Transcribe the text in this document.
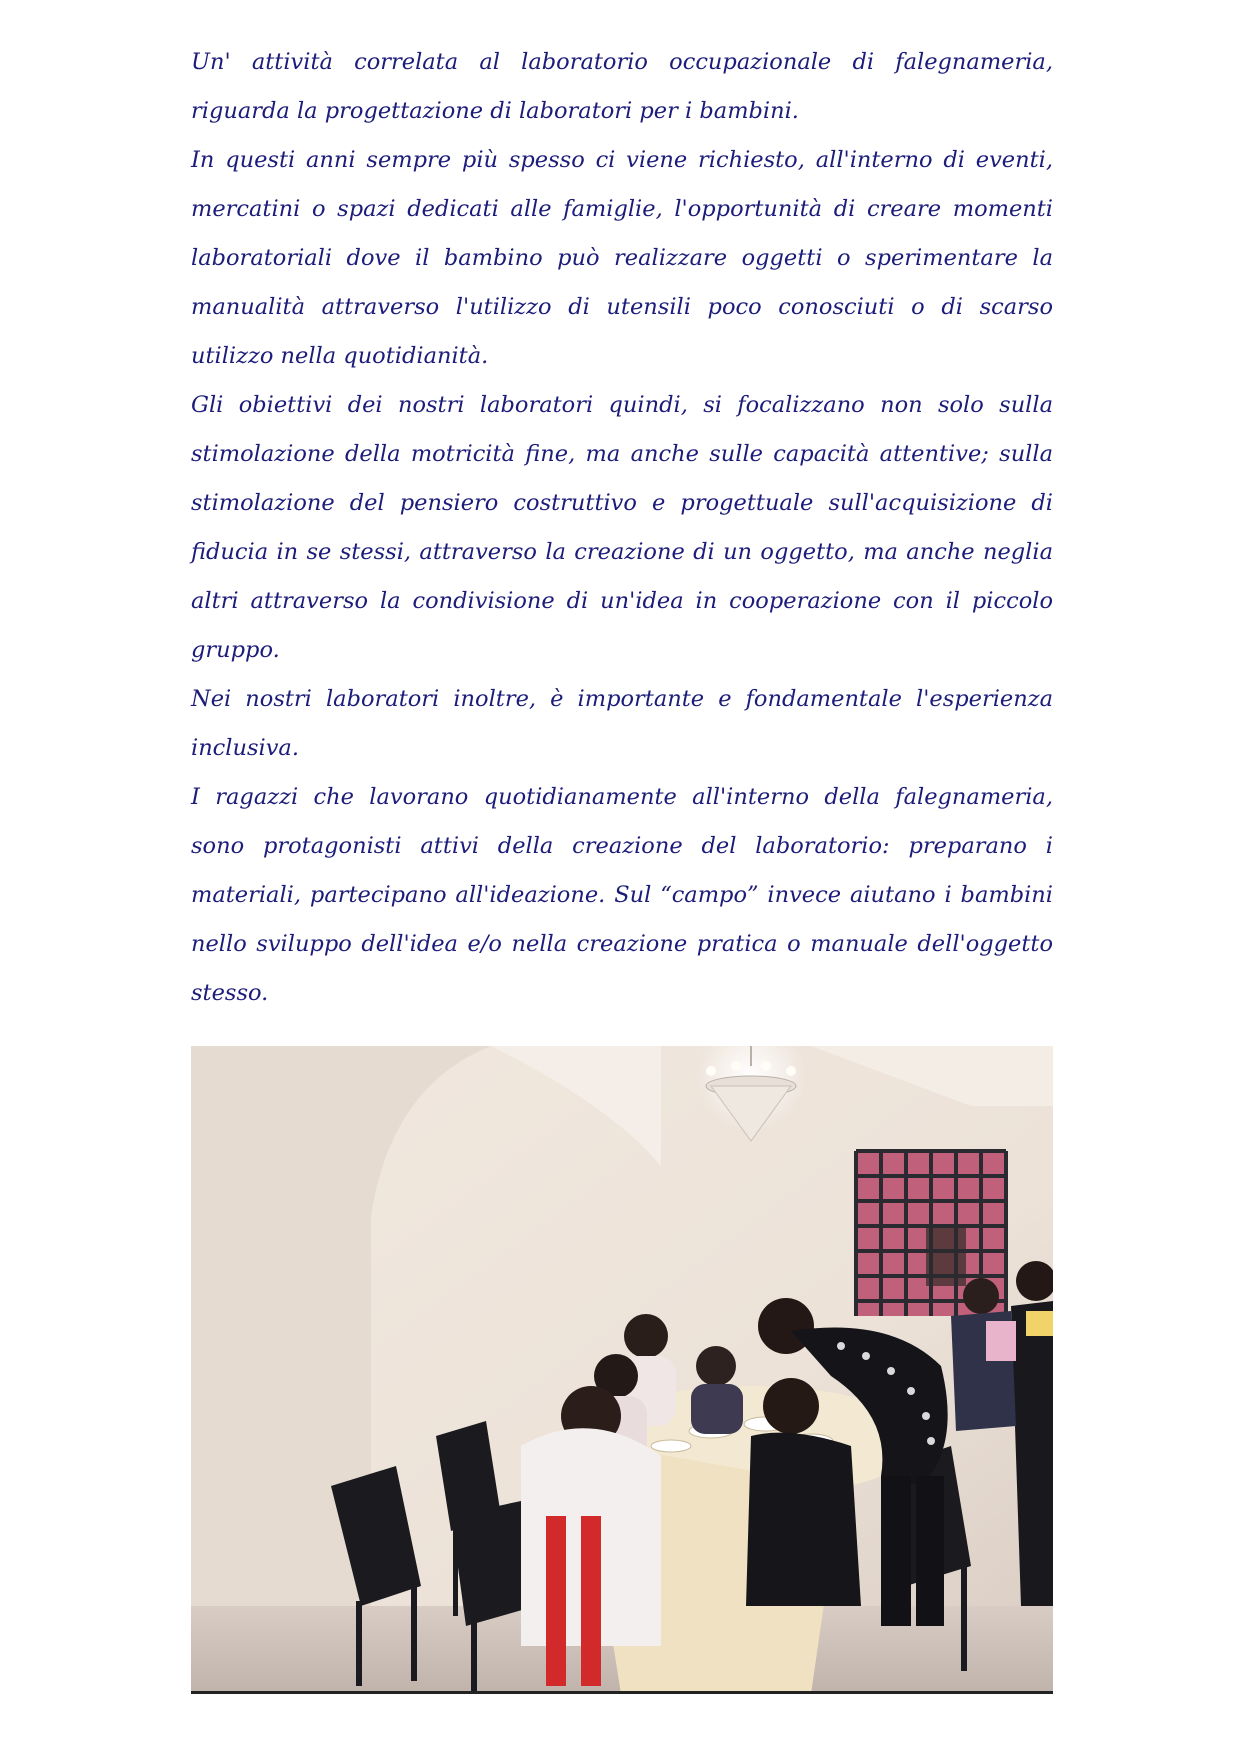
Un' attività correlata al laboratorio occupazionale di falegnameria, riguarda la progettazione di laboratori per i bambini.

In questi anni sempre più spesso ci viene richiesto, all'interno di eventi, mercatini o spazi dedicati alle famiglie, l'opportunità di creare momenti laboratoriali dove il bambino può realizzare oggetti o sperimentare la manualità attraverso l'utilizzo di utensili poco conosciuti o di scarso utilizzo nella quotidianità.

Gli obiettivi dei nostri laboratori quindi, si focalizzano non solo sulla stimolazione della motricità fine, ma anche sulle capacità attentive; sulla stimolazione del pensiero costruttivo e progettuale sull'acquisizione di fiducia in se stessi, attraverso la creazione di un oggetto, ma anche neglia altri attraverso la condivisione di un'idea in cooperazione con il piccolo gruppo.

Nei nostri laboratori inoltre, è importante e fondamentale l'esperienza inclusiva.

I ragazzi che lavorano quotidianamente all'interno della falegnameria, sono protagonisti attivi della creazione del laboratorio: preparano i materiali, partecipano all'ideazione. Sul “campo” invece aiutano i bambini nello sviluppo dell'idea e/o nella creazione pratica o manuale dell'oggetto stesso.
